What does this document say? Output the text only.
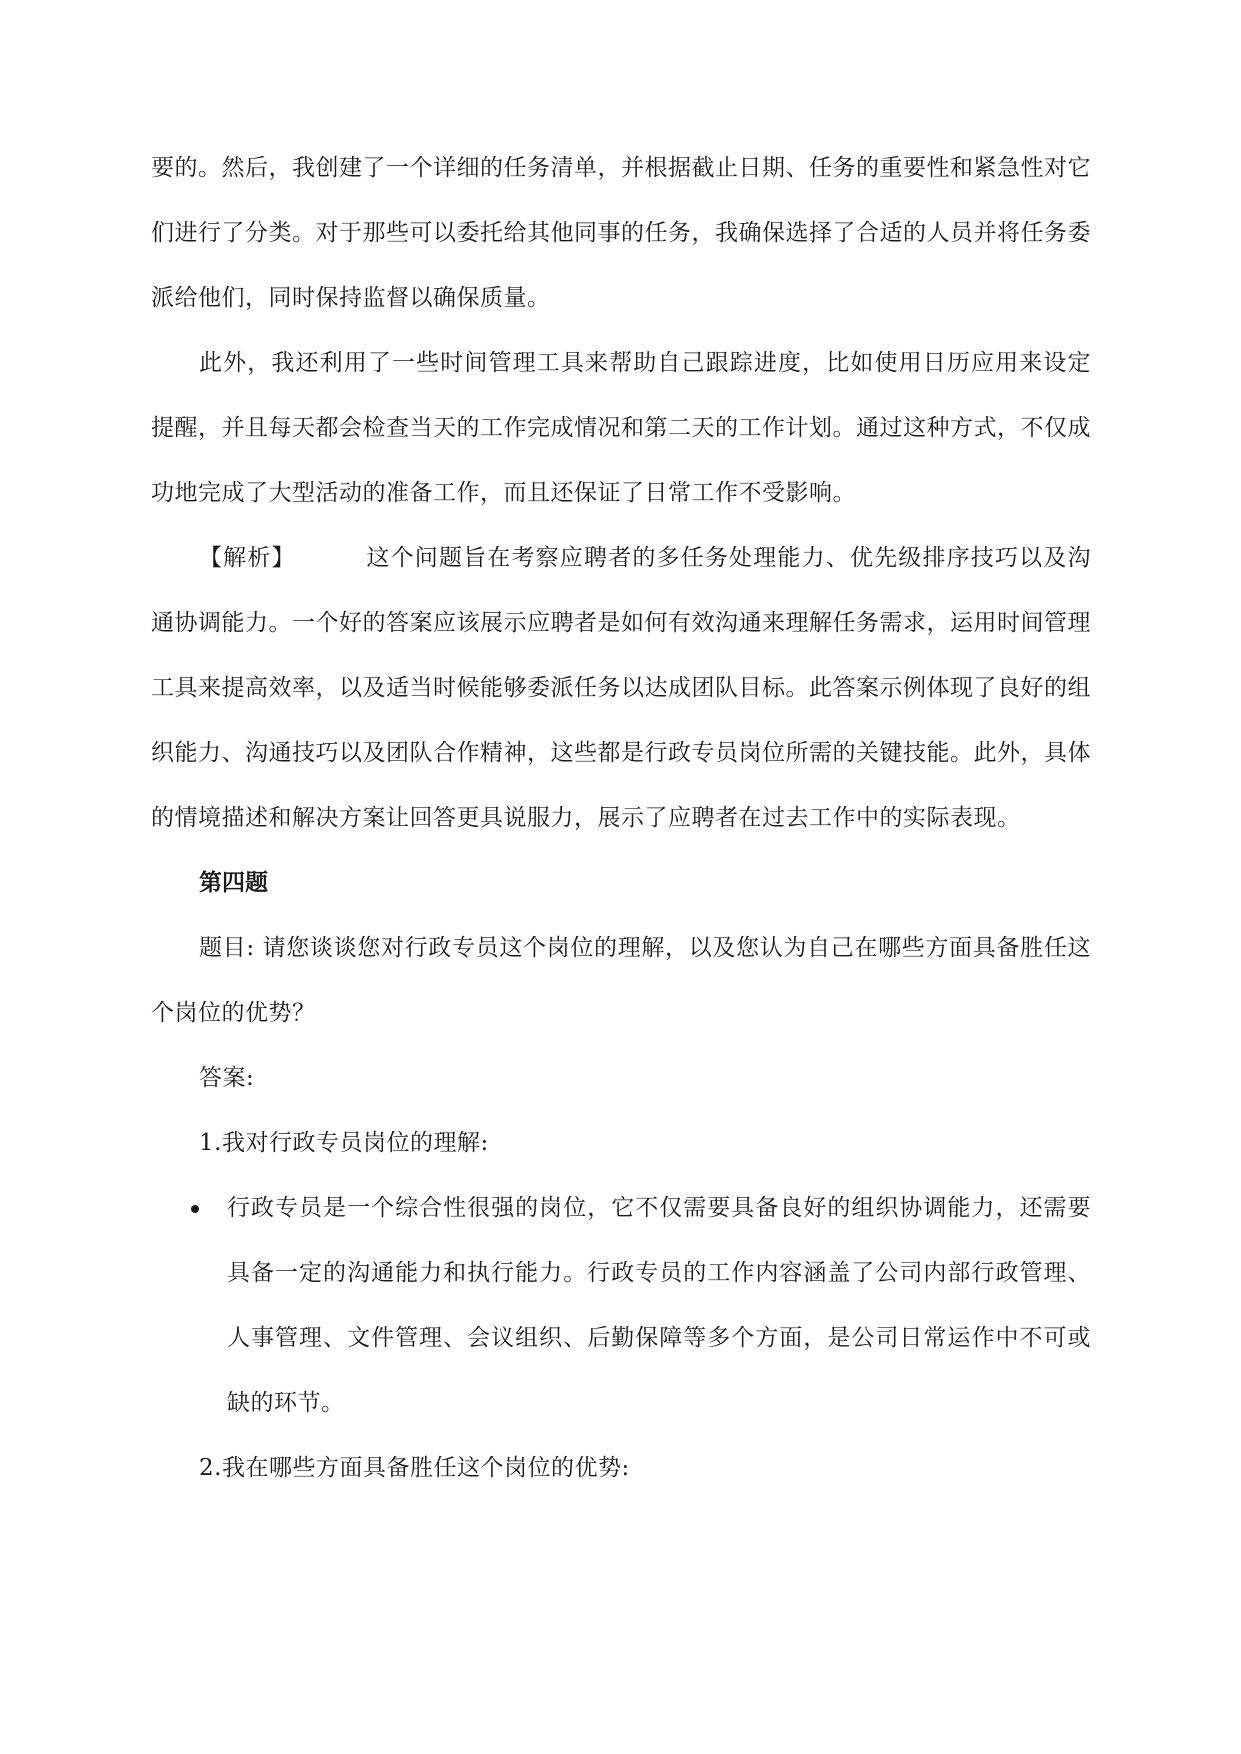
要的。然后，我创建了一个详细的任务清单，并根据截止日期、任务的重要性和紧急性对它们进行了分类。对于那些可以委托给其他同事的任务，我确保选择了合适的人员并将任务委派给他们，同时保持监督以确保质量。

此外，我还利用了一些时间管理工具来帮助自己跟踪进度，比如使用日历应用来设定提醒，并且每天都会检查当天的工作完成情况和第二天的工作计划。通过这种方式，不仅成功地完成了大型活动的准备工作，而且还保证了日常工作不受影响。

【解析】	这个问题旨在考察应聘者的多任务处理能力、优先级排序技巧以及沟通协调能力。一个好的答案应该展示应聘者是如何有效沟通来理解任务需求，运用时间管理工具来提高效率，以及适当时候能够委派任务以达成团队目标。此答案示例体现了良好的组织能力、沟通技巧以及团队合作精神，这些都是行政专员岗位所需的关键技能。此外，具体的情境描述和解决方案让回答更具说服力，展示了应聘者在过去工作中的实际表现。

第四题

题目: 请您谈谈您对行政专员这个岗位的理解，以及您认为自己在哪些方面具备胜任这个岗位的优势？

答案:

1.我对行政专员岗位的理解:

行政专员是一个综合性很强的岗位，它不仅需要具备良好的组织协调能力，还需要具备一定的沟通能力和执行能力。行政专员的工作内容涵盖了公司内部行政管理、人事管理、文件管理、会议组织、后勤保障等多个方面，是公司日常运作中不可或缺的环节。

2.我在哪些方面具备胜任这个岗位的优势:
